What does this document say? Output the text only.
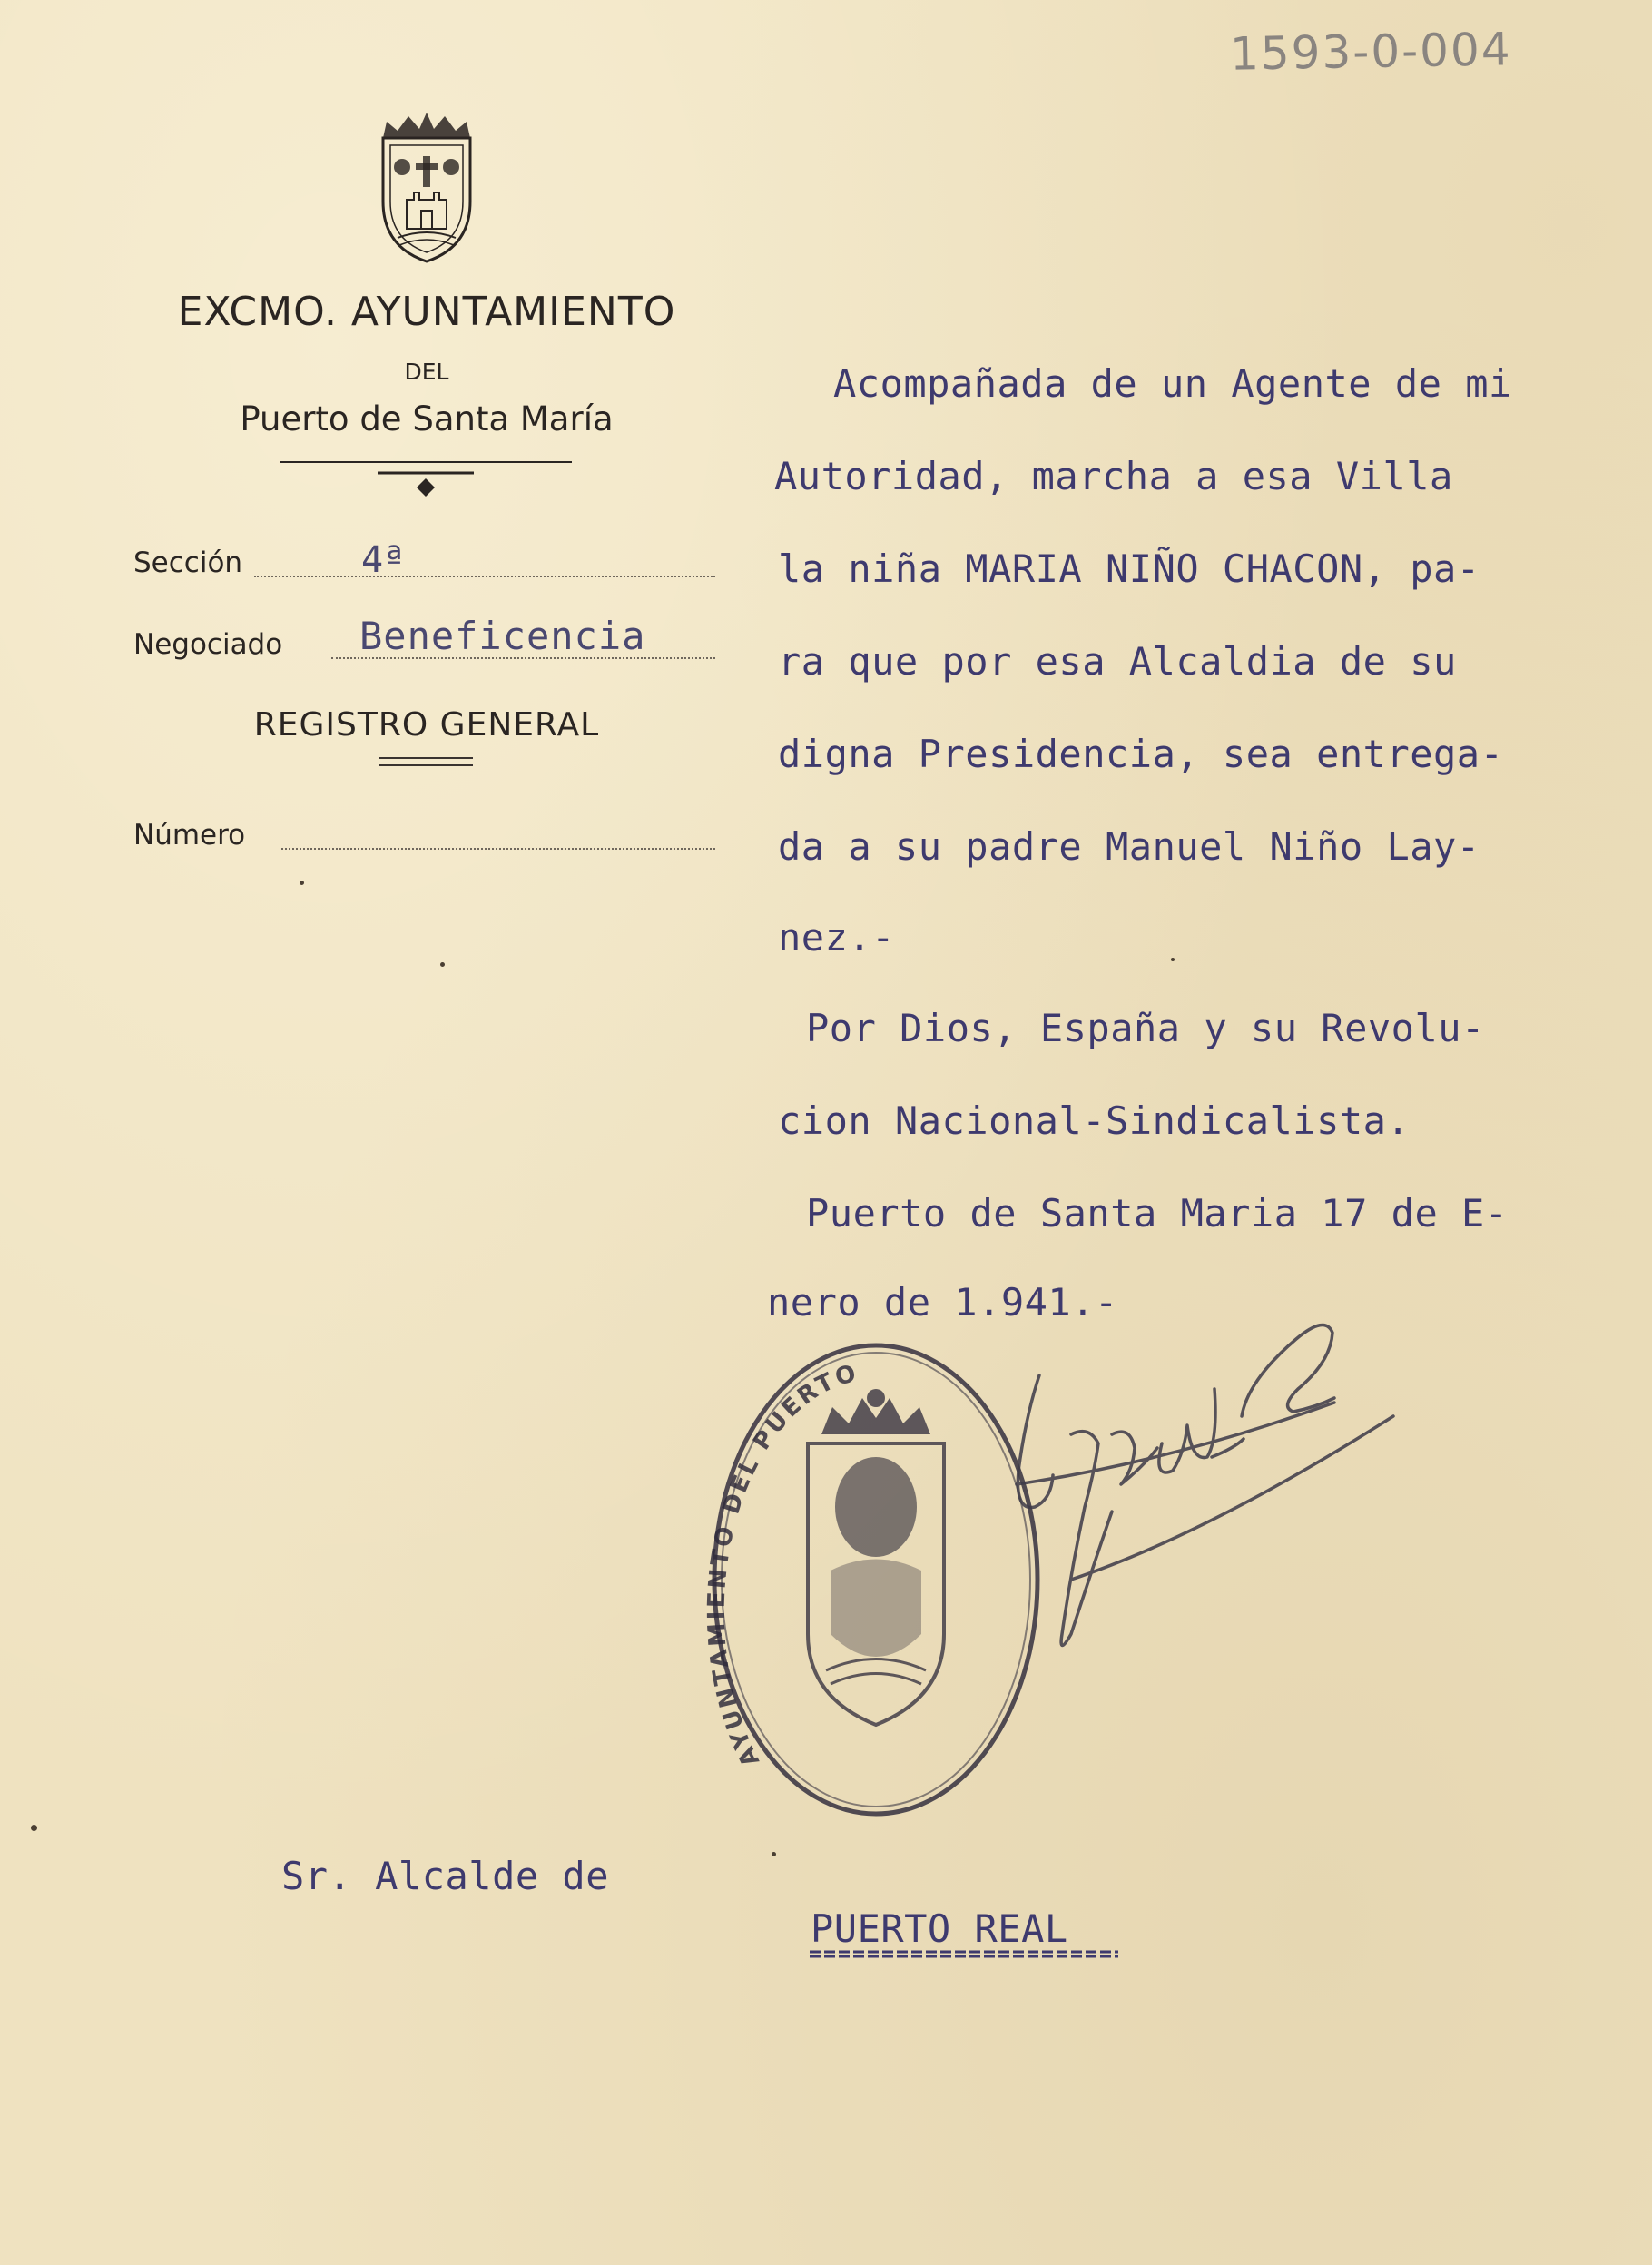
1593-0-004
EXCMO. AYUNTAMIENTO
DEL
Puerto de Santa María
Sección	4ª
Negociado Beneficencia
REGISTRO GENERAL
Número
Acompañada de un Agente de mi
Autoridad, marcha a esa Villa
la niña MARIA NIÑO CHACON, pa-
ra que por esa Alcaldia de su
digna Presidencia, sea entrega-
da a su padre Manuel Niño Lay-
nez.-
Por Dios, España y su Revolu-
cion Nacional-Sindicalista.
Puerto de Santa Maria 17 de E-
nero de 1.941.-
AYUNTAMIENTO DEL PUERTO
Sr. Alcalde de
PUERTO REAL
